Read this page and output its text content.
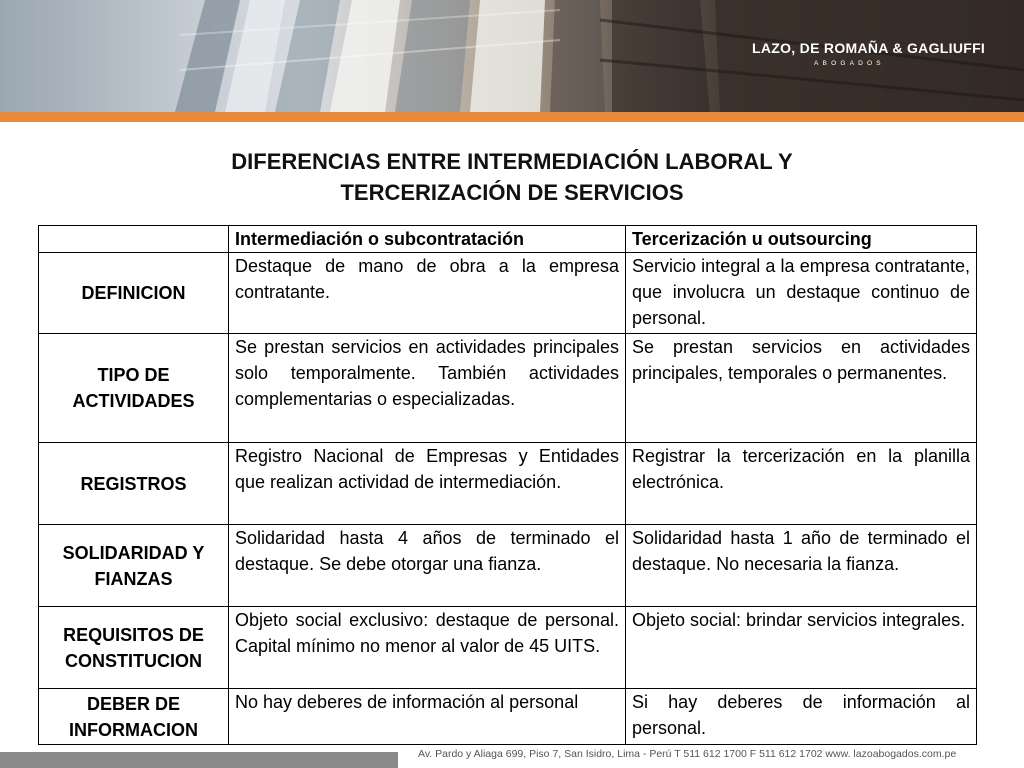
LAZO, DE ROMAÑA & GAGLIUFFI
ABOGADOS
DIFERENCIAS ENTRE INTERMEDIACIÓN LABORAL Y
TERCERIZACIÓN DE SERVICIOS
	Intermediación o subcontratación	Tercerización u outsourcing
DEFINICION	Destaque de mano de obra a la empresa contratante.	Servicio integral a la empresa contratante, que involucra un destaque continuo de personal.
TIPO DE ACTIVIDADES	Se prestan servicios en actividades principales solo temporalmente. También actividades complementarias o especializadas.	Se prestan servicios en actividades principales, temporales o permanentes.
REGISTROS	Registro Nacional de Empresas y Entidades que realizan actividad de intermediación.	Registrar la tercerización en la planilla electrónica.
SOLIDARIDAD Y FIANZAS	Solidaridad hasta 4 años de terminado el destaque. Se debe otorgar una fianza.	Solidaridad hasta 1 año de terminado el destaque. No necesaria la fianza.
REQUISITOS DE CONSTITUCION	Objeto social exclusivo: destaque de personal. Capital mínimo no menor al valor de 45 UITS.	Objeto social: brindar servicios integrales.
DEBER DE INFORMACION	No hay deberes de información al personal	Si hay deberes de información al personal.
Av. Pardo y Aliaga 699, Piso 7, San Isidro, Lima - Perú T 511 612 1700 F 511 612 1702 www. lazoabogados.com.pe
